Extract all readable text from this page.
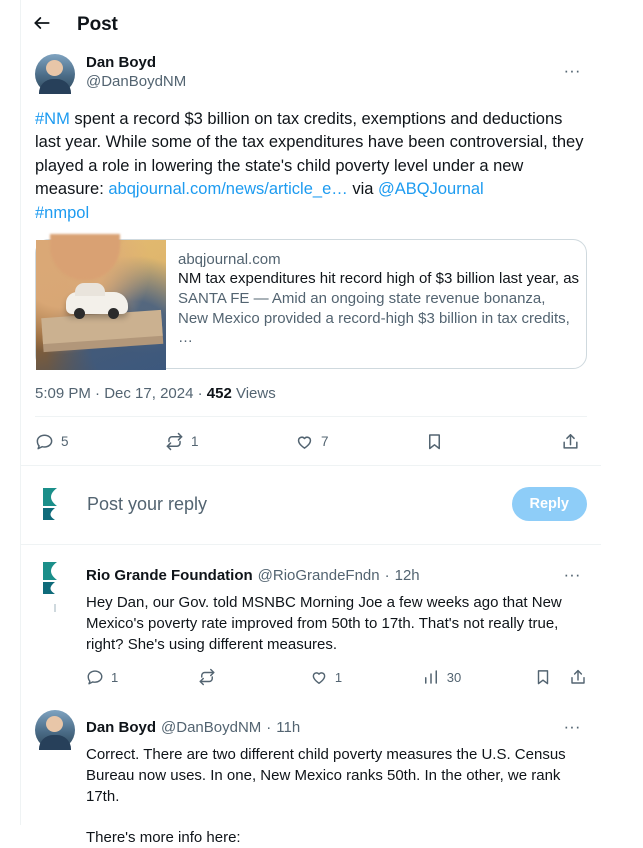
Post
Dan Boyd
@DanBoydNM
···
#NM spent a record $3 billion on tax credits, exemptions and deductions last year. While some of the tax expenditures have been controversial, they played a role in lowering the state's child poverty level under a new measure: abqjournal.com/news/article_e… via @ABQJournal
#nmpol
abqjournal.com
NM tax expenditures hit record high of $3 billion last year, as
SANTA FE — Amid an ongoing state revenue bonanza, New Mexico provided a record-high $3 billion in tax credits, …
5:09 PM · Dec 17, 2024 · 452 Views
5	1	7
Post your reply	Reply
Rio Grande Foundation @RioGrandeFndn · 12h	···

Hey Dan, our Gov. told MSNBC Morning Joe a few weeks ago that New Mexico's poverty rate improved from 50th to 17th. That's not really true, right? She's using different measures.

1	1	30
Dan Boyd @DanBoydNM · 11h	···

Correct. There are two different child poverty measures the U.S. Census Bureau now uses. In one, New Mexico ranks 50th. In the other, we rank 17th.

There's more info here:
